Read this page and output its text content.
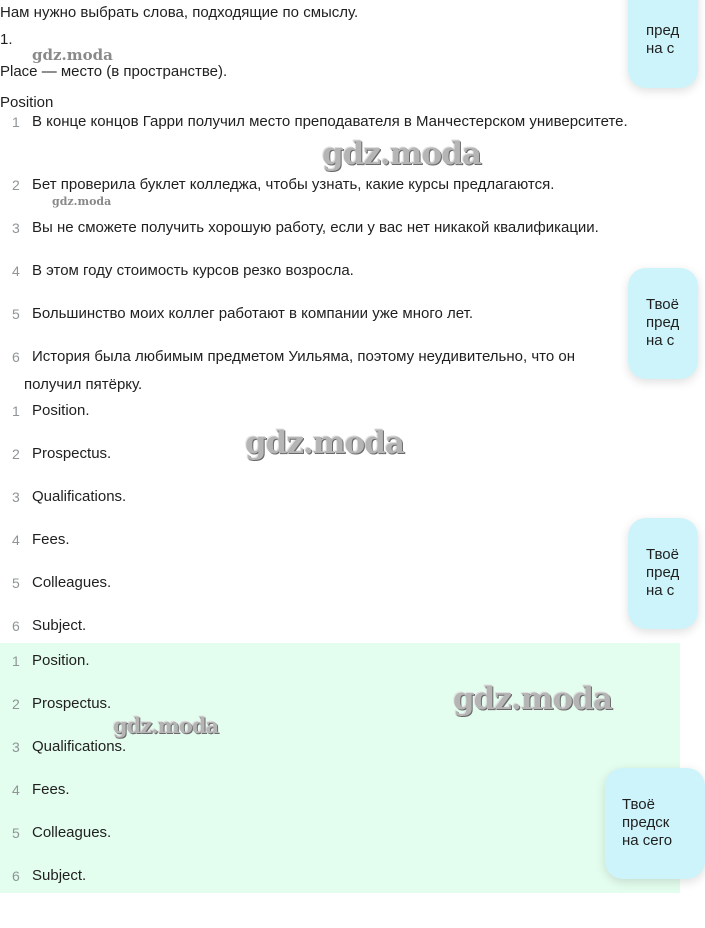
Нам нужно выбрать слова, подходящие по смыслу.
1.
Place — место (в пространстве).
Position
1 В конце концов Гарри получил место преподавателя в Манчестерском университете.
2 Бет проверила буклет колледжа, чтобы узнать, какие курсы предлагаются.
3 Вы не сможете получить хорошую работу, если у вас нет никакой квалификации.
4 В этом году стоимость курсов резко возросла.
5 Большинство моих коллег работают в компании уже много лет.
6 История была любимым предметом Уильяма, поэтому неудивительно, что он получил пятёрку.
1 Position.
2 Prospectus.
3 Qualifications.
4 Fees.
5 Colleagues.
6 Subject.
1 Position.
2 Prospectus.
3 Qualifications.
4 Fees.
5 Colleagues.
6 Subject.
gdz.moda
gdz.moda
gdz.moda
gdz.moda
gdz.moda
gdz.moda
пред
на с
Твоё
пред
на с
Твоё
пред
на с
Твоё
предск
на сего
